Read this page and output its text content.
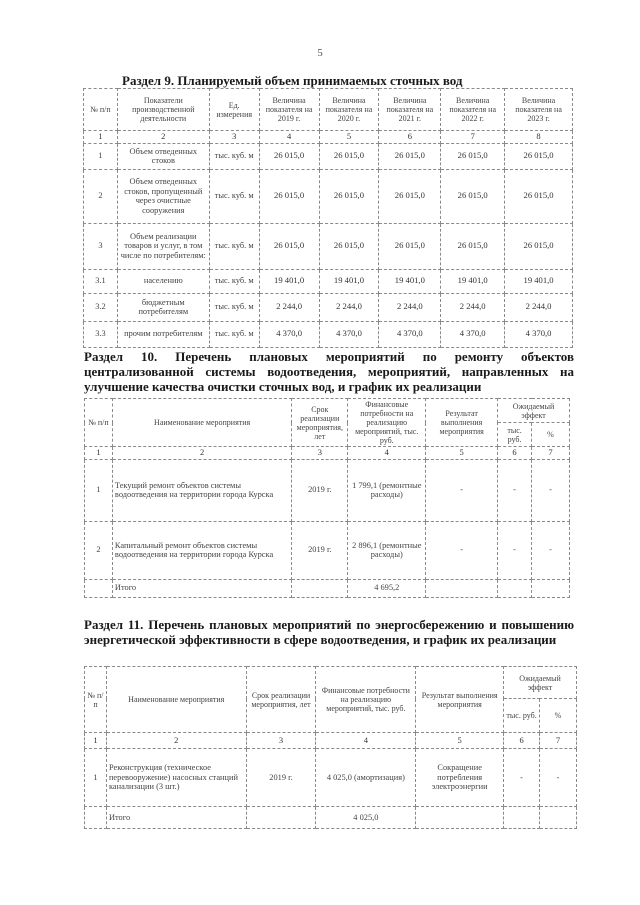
5
Раздел 9. Планируемый объем принимаемых сточных вод
№ п/п	Показатели производственной деятельности	Ед. измерения	Величина показателя на 2019 г.	Величина показателя на 2020 г.	Величина показателя на 2021 г.	Величина показателя на 2022 г.	Величина показателя на 2023 г.
1	2	3	4	5	6	7	8
1	Объем отведенных стоков	тыс. куб. м	26 015,0	26 015,0	26 015,0	26 015,0	26 015,0
2	Объем отведенных стоков, пропущенный через очистные сооружения	тыс. куб. м	26 015,0	26 015,0	26 015,0	26 015,0	26 015,0
3	Объем реализации товаров и услуг, в том числе по потребителям:	тыс. куб. м	26 015,0	26 015,0	26 015,0	26 015,0	26 015,0
3.1	населению	тыс. куб. м	19 401,0	19 401,0	19 401,0	19 401,0	19 401,0
3.2	бюджетным потребителям	тыс. куб. м	2 244,0	2 244,0	2 244,0	2 244,0	2 244,0
3.3	прочим потребителям	тыс. куб. м	4 370,0	4 370,0	4 370,0	4 370,0	4 370,0
Раздел 10. Перечень плановых мероприятий по ремонту объектов централизованной системы водоотведения, мероприятий, направленных на улучшение качества очистки сточных вод, и график их реализации
№ п/п	Наименование мероприятия	Срок реализации мероприятия, лет	Финансовые потребности на реализацию мероприятий, тыс. руб.	Результат выполнения мероприятия	Ожидаемый эффект	
					тыс. руб.	%
1	2	3	4	5	6	7
1	Текущий ремонт объектов системы водоотведения на территории города Курска	2019 г.	1 799,1 (ремонтные расходы)	-	-	-
2	Капитальный ремонт объектов системы водоотведения на территории города Курска	2019 г.	2 896,1 (ремонтные расходы)	-	-	-
	Итого		4 695,2			
Раздел 11. Перечень плановых мероприятий по энергосбережению и повышению энергетической эффективности в сфере водоотведения, и график их реализации
№ п/п	Наименование мероприятия	Срок реализации мероприятия, лет	Финансовые потребности на реализацию мероприятий, тыс. руб.	Результат выполнения мероприятия	Ожидаемый эффект	
					тыс. руб.	%
1	2	3	4	5	6	7
1	Реконструкция (техническое перевооружение) насосных станций канализации (3 шт.)	2019 г.	4 025,0 (амортизация)	Сокращение потребления электроэнергии	-	-
	Итого		4 025,0			
